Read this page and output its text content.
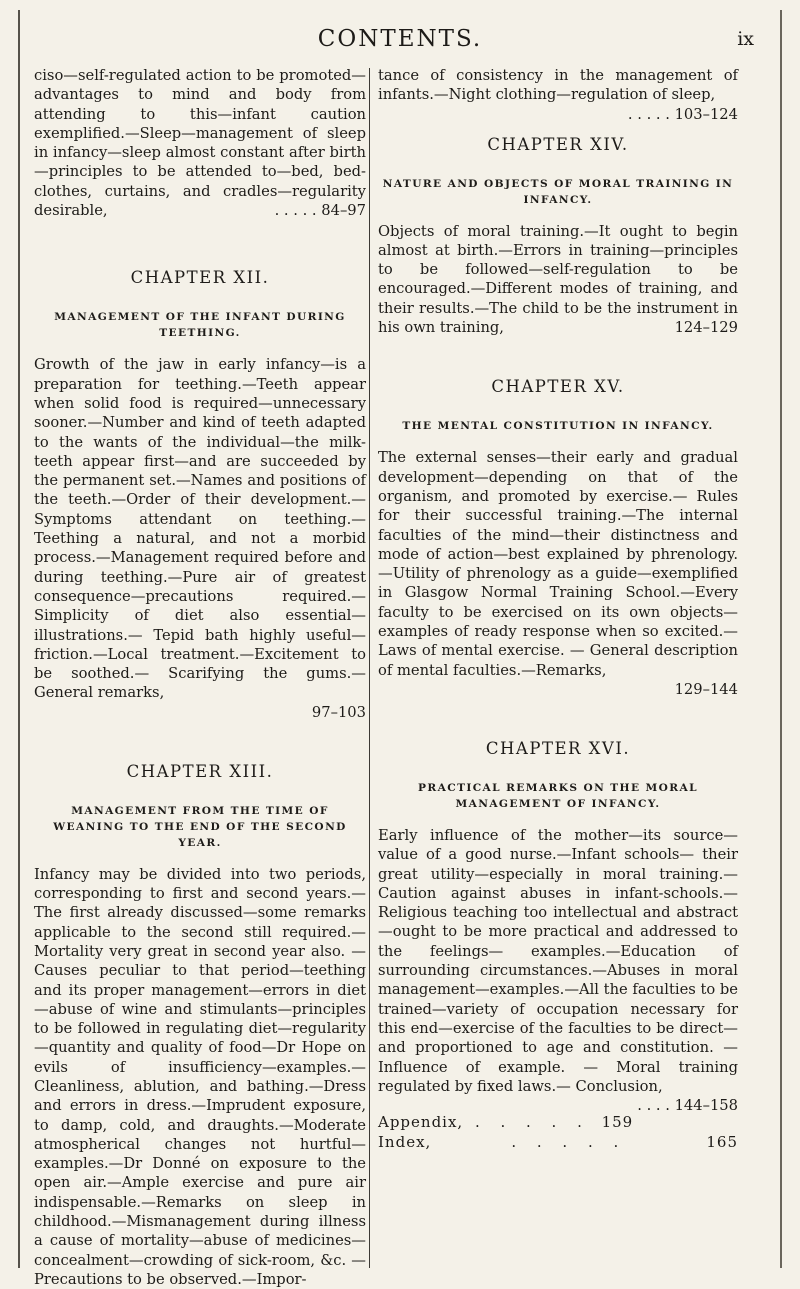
CONTENTS.	ix

ciso—self-regulated action to be promoted—advantages to mind and body from attending to this—infant caution exemplified.—Sleep—management of sleep in infancy—sleep almost constant after birth—principles to be attended to—bed, bed-clothes, curtains, and cradles—regularity desirable,	. . . . . 84–97

CHAPTER XII.
MANAGEMENT OF THE INFANT DURING TEETHING.

Growth of the jaw in early infancy—is a preparation for teething.—Teeth appear when solid food is required—unnecessary sooner.—Number and kind of teeth adapted to the wants of the individual—the milk-teeth appear first—and are succeeded by the permanent set.—Names and positions of the teeth.—Order of their development.— Symptoms attendant on teething.— Teething a natural, and not a morbid process.—Management required before and during teething.—Pure air of greatest consequence—precautions required.—Simplicity of diet also essential—illustrations.— Tepid bath highly useful—friction.—Local treatment.—Excitement to be soothed.— Scarifying the gums.—General remarks,

97–103
CHAPTER XIII.
MANAGEMENT FROM THE TIME OF WEANING TO THE END OF THE SECOND YEAR.

Infancy may be divided into two periods, corresponding to first and second years.— The first already discussed—some remarks applicable to the second still required.— Mortality very great in second year also. —Causes peculiar to that period—teething and its proper management—errors in diet —abuse of wine and stimulants—principles to be followed in regulating diet—regularity—quantity and quality of food—Dr Hope on evils of insufficiency—examples.— Cleanliness, ablution, and bathing.—Dress and errors in dress.—Imprudent exposure, to damp, cold, and draughts.—Moderate atmospherical changes not hurtful—examples.—Dr Donné on exposure to the open air.—Ample exercise and pure air indispensable.—Remarks on sleep in childhood.—Mismanagement during illness a cause of mortality—abuse of medicines— concealment—crowding of sick-room, &c. —Precautions to be observed.—Impor-

tance of consistency in the management of infants.—Night clothing—regulation of sleep,
. . . . . 103–124

CHAPTER XIV.
NATURE AND OBJECTS OF MORAL TRAINING IN INFANCY.

Objects of moral training.—It ought to begin almost at birth.—Errors in training—principles to be followed—self-regulation to be encouraged.—Different modes of training, and their results.—The child to be the instrument in his own training,	124–129

CHAPTER XV.
THE MENTAL CONSTITUTION IN INFANCY.

The external senses—their early and gradual development—depending on that of the organism, and promoted by exercise.— Rules for their successful training.—The internal faculties of the mind—their distinctness and mode of action—best explained by phrenology.—Utility of phrenology as a guide—exemplified in Glasgow Normal Training School.—Every faculty to be exercised on its own objects—examples of ready response when so excited.— Laws of mental exercise. — General description of mental faculties.—Remarks,

129–144
CHAPTER XVI.
PRACTICAL REMARKS ON THE MORAL MANAGEMENT OF INFANCY.

Early influence of the mother—its source—value of a good nurse.—Infant schools— their great utility—especially in moral training.—Caution against abuses in infant-schools.—Religious teaching too intellectual and abstract—ought to be more practical and addressed to the feelings— examples.—Education of surrounding circumstances.—Abuses in moral management—examples.—All the faculties to be trained—variety of occupation necessary for this end—exercise of the faculties to be direct—and proportioned to age and constitution. — Influence of example. — Moral training regulated by fixed laws.— Conclusion,
. . . . 144–158

Appendix, . . . . . 159
Index,	. . . . .	165
